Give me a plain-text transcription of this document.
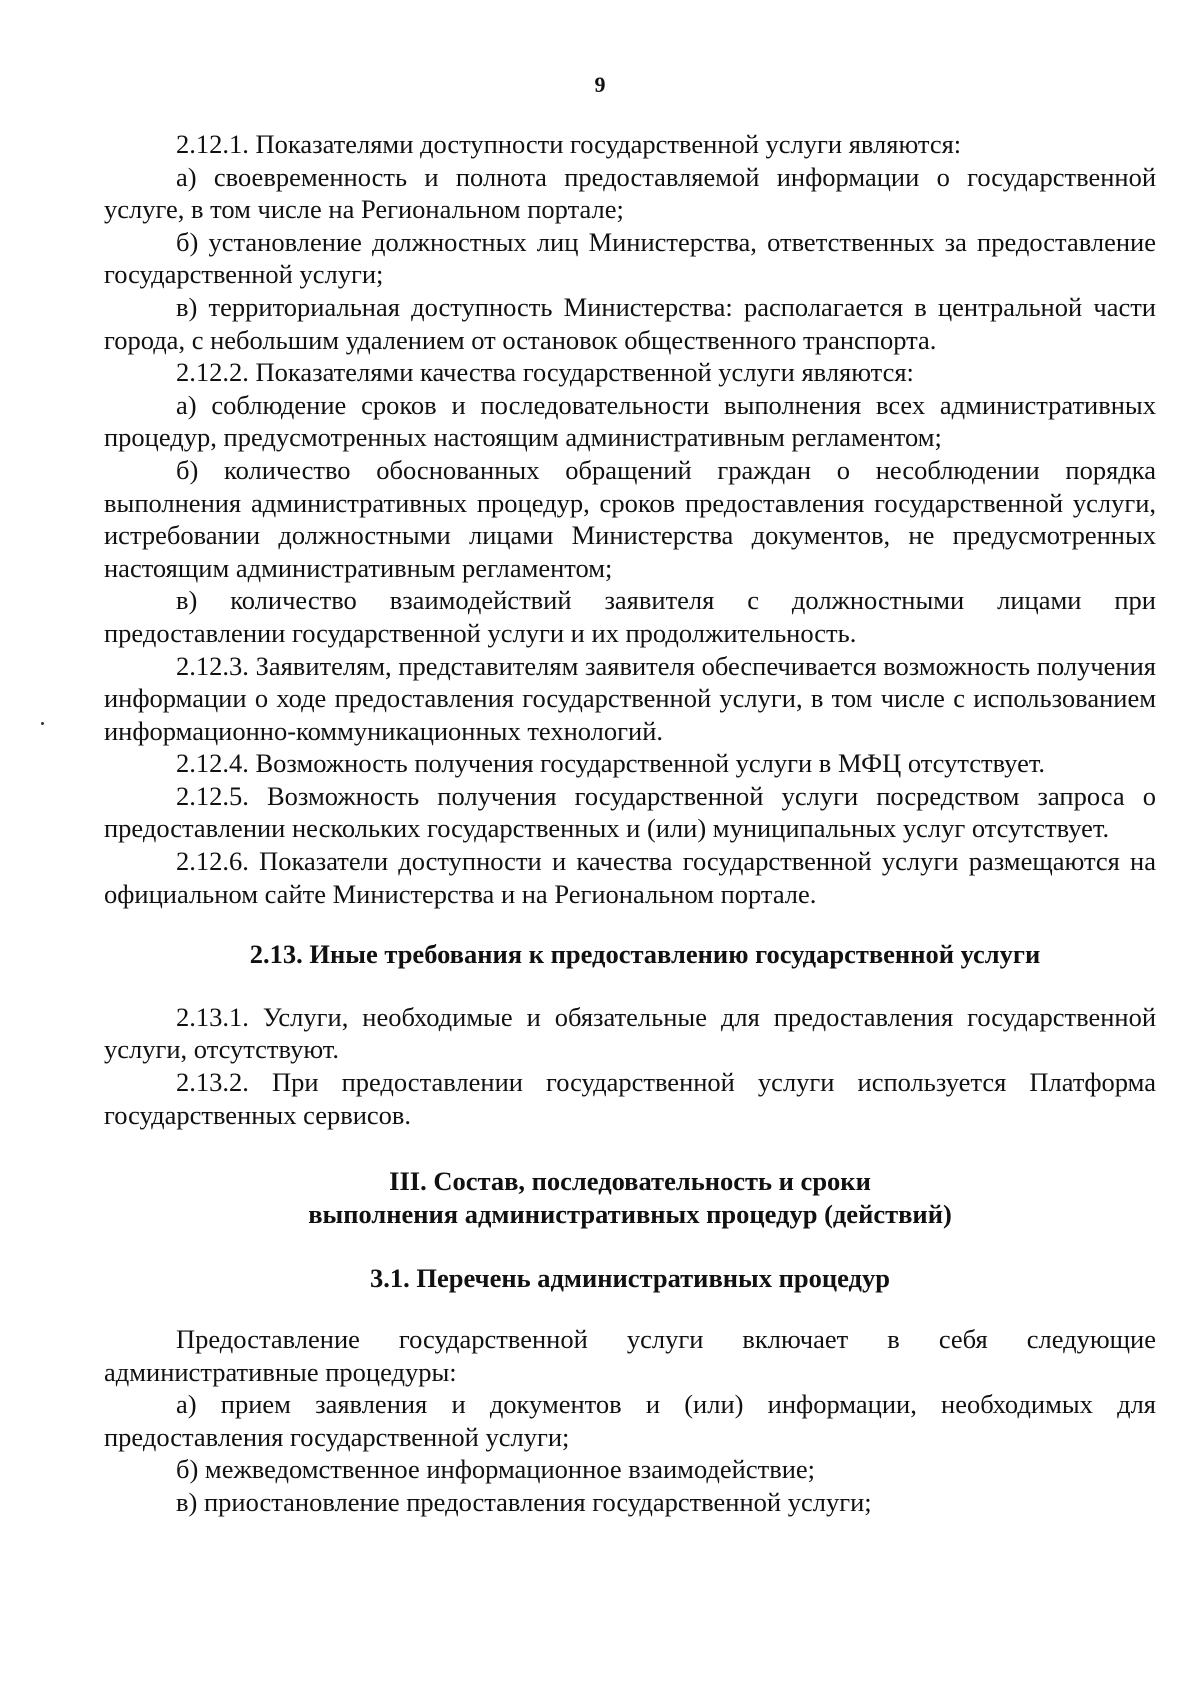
9

2.12.1. Показателями доступности государственной услуги являются:

а) своевременность и полнота предоставляемой информации о государственной услуге, в том числе на Региональном портале;

б) установление должностных лиц Министерства, ответственных за предоставление государственной услуги;

в) территориальная доступность Министерства: располагается в центральной части города, с небольшим удалением от остановок общественного транспорта.

2.12.2. Показателями качества государственной услуги являются:

а) соблюдение сроков и последовательности выполнения всех административных процедур, предусмотренных настоящим административным регламентом;

б) количество обоснованных обращений граждан о несоблюдении порядка выполнения административных процедур, сроков предоставления государственной услуги, истребовании должностными лицами Министерства документов, не предусмотренных настоящим административным регламентом;

в) количество взаимодействий заявителя с должностными лицами при предоставлении государственной услуги и их продолжительность.

2.12.3. Заявителям, представителям заявителя обеспечивается возможность получения информации о ходе предоставления государственной услуги, в том числе с использованием информационно-коммуникационных технологий.

2.12.4. Возможность получения государственной услуги в МФЦ отсутствует.

2.12.5. Возможность получения государственной услуги посредством запроса о предоставлении нескольких государственных и (или) муниципальных услуг отсутствует.

2.12.6. Показатели доступности и качества государственной услуги размещаются на официальном сайте Министерства и на Региональном портале.

2.13. Иные требования к предоставлению государственной услуги

2.13.1. Услуги, необходимые и обязательные для предоставления государственной услуги, отсутствуют.

2.13.2. При предоставлении государственной услуги используется Платформа государственных сервисов.

III. Состав, последовательность и сроки
выполнения административных процедур (действий)

3.1. Перечень административных процедур

Предоставление государственной услуги включает в себя следующие административные процедуры:

а) прием заявления и документов и (или) информации, необходимых для предоставления государственной услуги;

б) межведомственное информационное взаимодействие;

в) приостановление предоставления государственной услуги;
